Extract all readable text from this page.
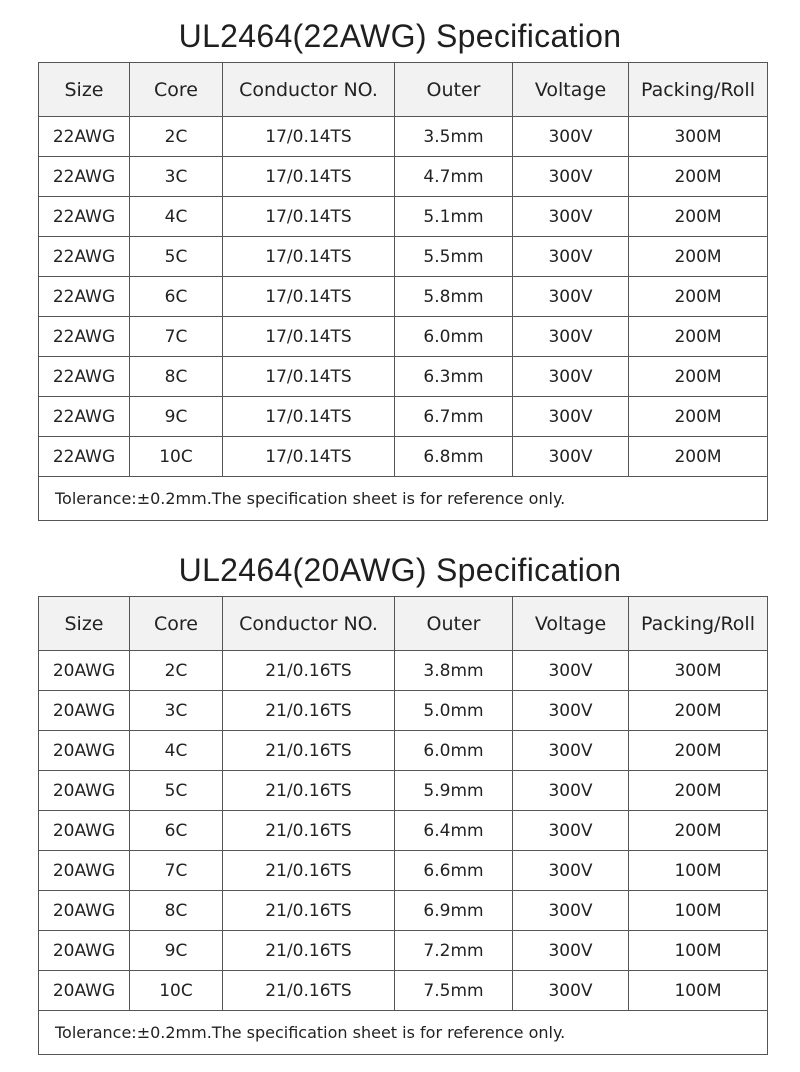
UL2464(22AWG) Specification
Size	Core	Conductor NO.	Outer	Voltage	Packing/Roll
22AWG	2C	17/0.14TS	3.5mm	300V	300M
22AWG	3C	17/0.14TS	4.7mm	300V	200M
22AWG	4C	17/0.14TS	5.1mm	300V	200M
22AWG	5C	17/0.14TS	5.5mm	300V	200M
22AWG	6C	17/0.14TS	5.8mm	300V	200M
22AWG	7C	17/0.14TS	6.0mm	300V	200M
22AWG	8C	17/0.14TS	6.3mm	300V	200M
22AWG	9C	17/0.14TS	6.7mm	300V	200M
22AWG	10C	17/0.14TS	6.8mm	300V	200M
Tolerance:±0.2mm.The specification sheet is for reference only.					
UL2464(20AWG) Specification
Size	Core	Conductor NO.	Outer	Voltage	Packing/Roll
20AWG	2C	21/0.16TS	3.8mm	300V	300M
20AWG	3C	21/0.16TS	5.0mm	300V	200M
20AWG	4C	21/0.16TS	6.0mm	300V	200M
20AWG	5C	21/0.16TS	5.9mm	300V	200M
20AWG	6C	21/0.16TS	6.4mm	300V	200M
20AWG	7C	21/0.16TS	6.6mm	300V	100M
20AWG	8C	21/0.16TS	6.9mm	300V	100M
20AWG	9C	21/0.16TS	7.2mm	300V	100M
20AWG	10C	21/0.16TS	7.5mm	300V	100M
Tolerance:±0.2mm.The specification sheet is for reference only.					
